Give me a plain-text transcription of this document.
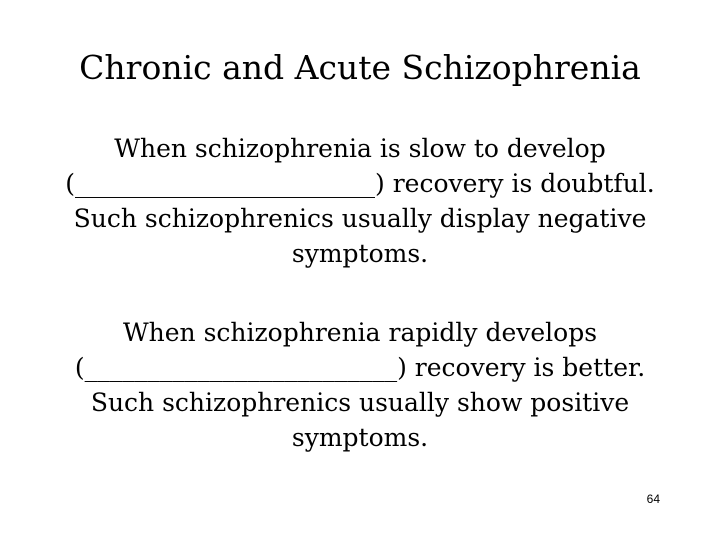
Chronic and Acute Schizophrenia
When schizophrenia is slow to develop
(________________________) recovery is doubtful.
Such schizophrenics usually display negative
symptoms.
When schizophrenia rapidly develops
(_________________________) recovery is better.
Such schizophrenics usually show positive
symptoms.
64
